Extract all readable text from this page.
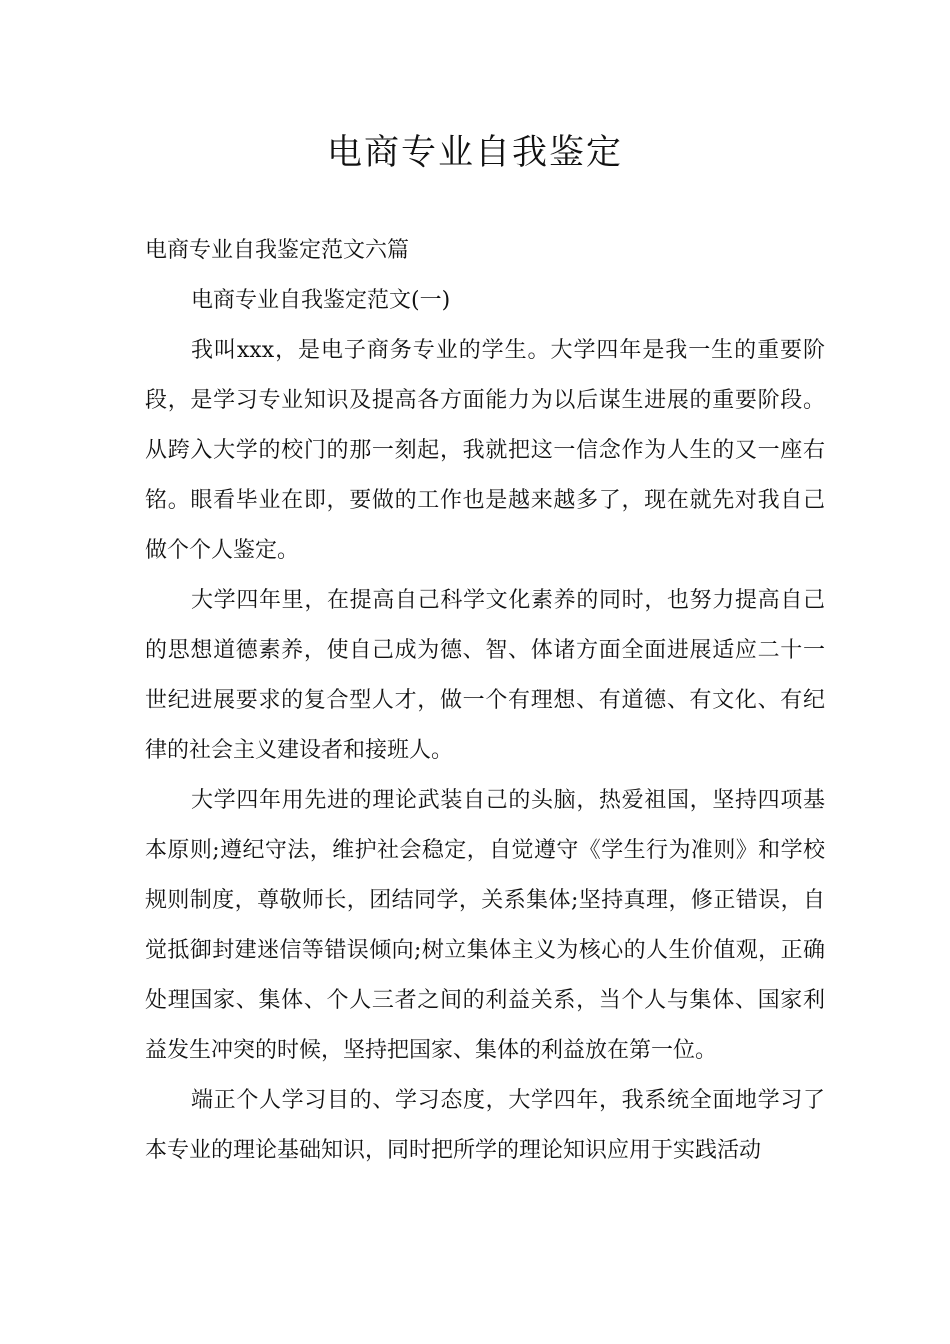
电商专业自我鉴定

电商专业自我鉴定范文六篇

电商专业自我鉴定范文(一)

我叫xxx，是电子商务专业的学生。大学四年是我一生的重要阶段，是学习专业知识及提高各方面能力为以后谋生进展的重要阶段。从跨入大学的校门的那一刻起，我就把这一信念作为人生的又一座右铭。眼看毕业在即，要做的工作也是越来越多了，现在就先对我自己做个个人鉴定。

大学四年里，在提高自己科学文化素养的同时，也努力提高自己的思想道德素养，使自己成为德、智、体诸方面全面进展适应二十一世纪进展要求的复合型人才，做一个有理想、有道德、有文化、有纪律的社会主义建设者和接班人。

大学四年用先进的理论武装自己的头脑，热爱祖国，坚持四项基本原则;遵纪守法，维护社会稳定，自觉遵守《学生行为准则》和学校规则制度，尊敬师长，团结同学，关系集体;坚持真理，修正错误，自觉抵御封建迷信等错误倾向;树立集体主义为核心的人生价值观，正确处理国家、集体、个人三者之间的利益关系，当个人与集体、国家利益发生冲突的时候，坚持把国家、集体的利益放在第一位。

端正个人学习目的、学习态度，大学四年，我系统全面地学习了本专业的理论基础知识，同时把所学的理论知识应用于实践活动
